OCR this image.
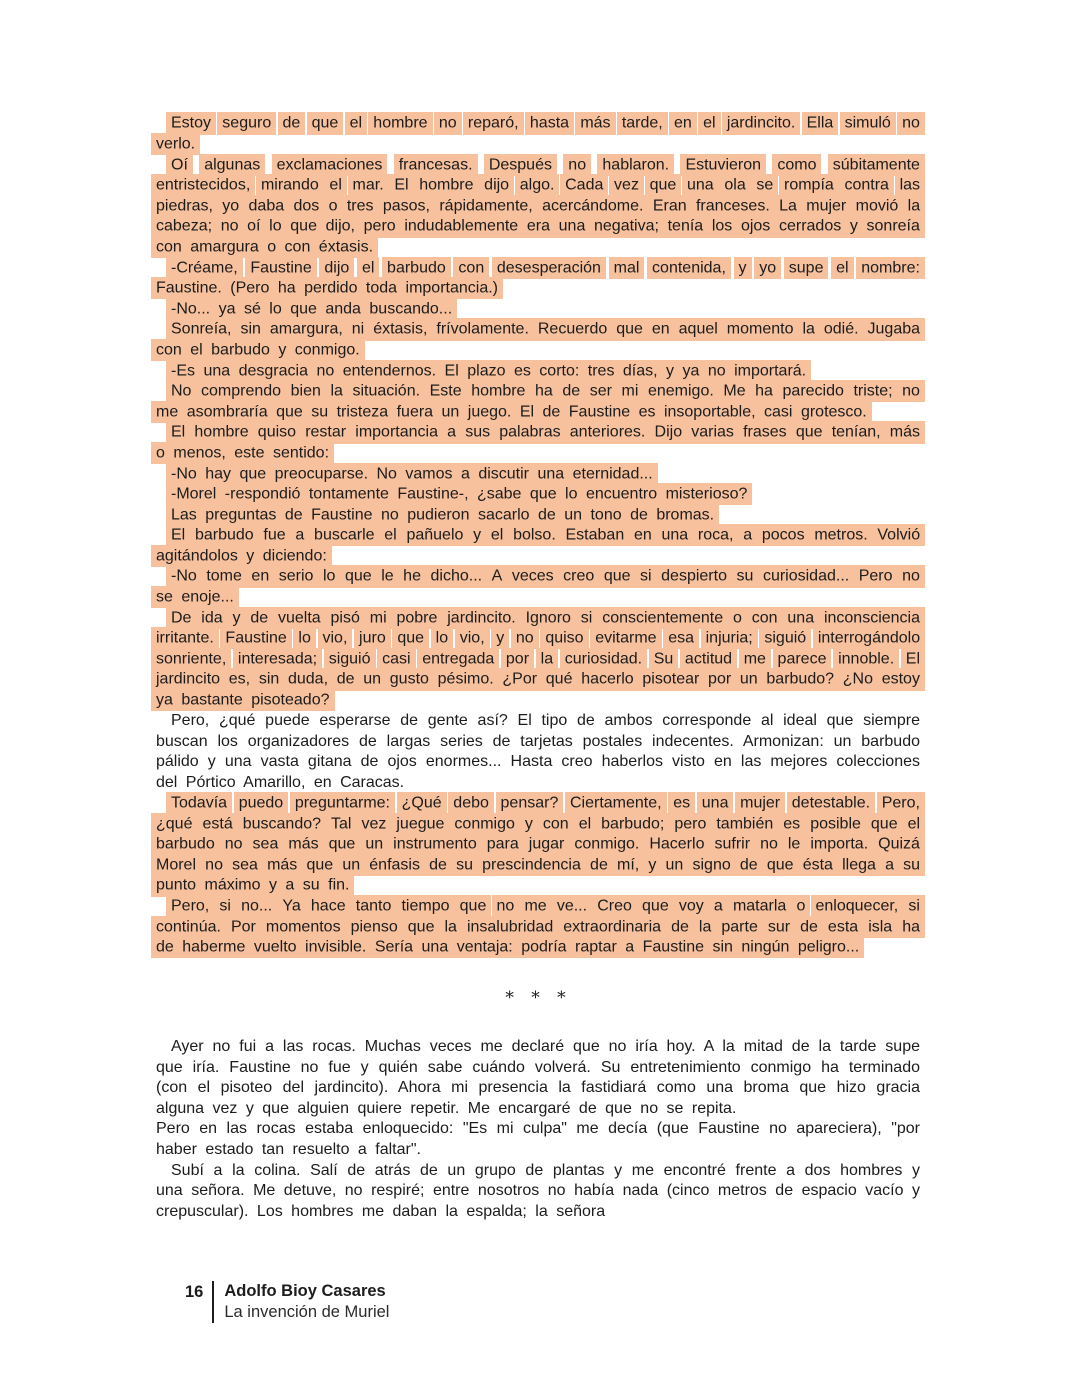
Estoy seguro de que el hombre no reparó, hasta más tarde, en el jardincito. Ella simuló no verlo.

Oí algunas exclamaciones francesas. Después no hablaron. Estuvieron como súbitamente entristecidos, mirando el mar. El hombre dijo algo. Cada vez que una ola se rompía contra las piedras, yo daba dos o tres pasos, rápidamente, acercándome. Eran franceses. La mujer movió la cabeza; no oí lo que dijo, pero indudablemente era una negativa; tenía los ojos cerrados y sonreía con amargura o con éxtasis.

-Créame, Faustine dijo el barbudo con desesperación mal contenida, y yo supe el nombre: Faustine. (Pero ha perdido toda importancia.)

-No... ya sé lo que anda buscando...

Sonreía, sin amargura, ni éxtasis, frívolamente. Recuerdo que en aquel momento la odié. Jugaba con el barbudo y conmigo.

-Es una desgracia no entendernos. El plazo es corto: tres días, y ya no importará.

No comprendo bien la situación. Este hombre ha de ser mi enemigo. Me ha parecido triste; no me asombraría que su tristeza fuera un juego. El de Faustine es insoportable, casi grotesco.

El hombre quiso restar importancia a sus palabras anteriores. Dijo varias frases que tenían, más o menos, este sentido:

-No hay que preocuparse. No vamos a discutir una eternidad...

-Morel -respondió tontamente Faustine-, ¿sabe que lo encuentro misterioso?

Las preguntas de Faustine no pudieron sacarlo de un tono de bromas.

El barbudo fue a buscarle el pañuelo y el bolso. Estaban en una roca, a pocos metros. Volvió agitándolos y diciendo:

-No tome en serio lo que le he dicho... A veces creo que si despierto su curiosidad... Pero no se enoje...

De ida y de vuelta pisó mi pobre jardincito. Ignoro si conscientemente o con una inconsciencia irritante. Faustine lo vio, juro que lo vio, y no quiso evitarme esa injuria; siguió interrogándolo sonriente, interesada; siguió casi entregada por la curiosidad. Su actitud me parece innoble. El jardincito es, sin duda, de un gusto pésimo. ¿Por qué hacerlo pisotear por un barbudo? ¿No estoy ya bastante pisoteado?

Pero, ¿qué puede esperarse de gente así? El tipo de ambos corresponde al ideal que siempre buscan los organizadores de largas series de tarjetas postales indecentes. Armonizan: un barbudo pálido y una vasta gitana de ojos enormes... Hasta creo haberlos visto en las mejores colecciones del Pórtico Amarillo, en Caracas.

Todavía puedo preguntarme: ¿Qué debo pensar? Ciertamente, es una mujer detestable. Pero, ¿qué está buscando? Tal vez juegue conmigo y con el barbudo; pero también es posible que el barbudo no sea más que un instrumento para jugar conmigo. Hacerlo sufrir no le importa. Quizá Morel no sea más que un énfasis de su prescindencia de mí, y un signo de que ésta llega a su punto máximo y a su fin.

Pero, si no... Ya hace tanto tiempo que no me ve... Creo que voy a matarla o enloquecer, si continúa. Por momentos pienso que la insalubridad extraordinaria de la parte sur de esta isla ha de haberme vuelto invisible. Sería una ventaja: podría raptar a Faustine sin ningún peligro...

* * *

Ayer no fui a las rocas. Muchas veces me declaré que no iría hoy. A la mitad de la tarde supe que iría. Faustine no fue y quién sabe cuándo volverá. Su entretenimiento conmigo ha terminado (con el pisoteo del jardincito). Ahora mi presencia la fastidiará como una broma que hizo gracia alguna vez y que alguien quiere repetir. Me encargaré de que no se repita.

Pero en las rocas estaba enloquecido: "Es mi culpa" me decía (que Faustine no apareciera), "por haber estado tan resuelto a faltar".

Subí a la colina. Salí de atrás de un grupo de plantas y me encontré frente a dos hombres y una señora. Me detuve, no respiré; entre nosotros no había nada (cinco metros de espacio vacío y crepuscular). Los hombres me daban la espalda; la señora

16	Adolfo Bioy Casares
La invención de Muriel
